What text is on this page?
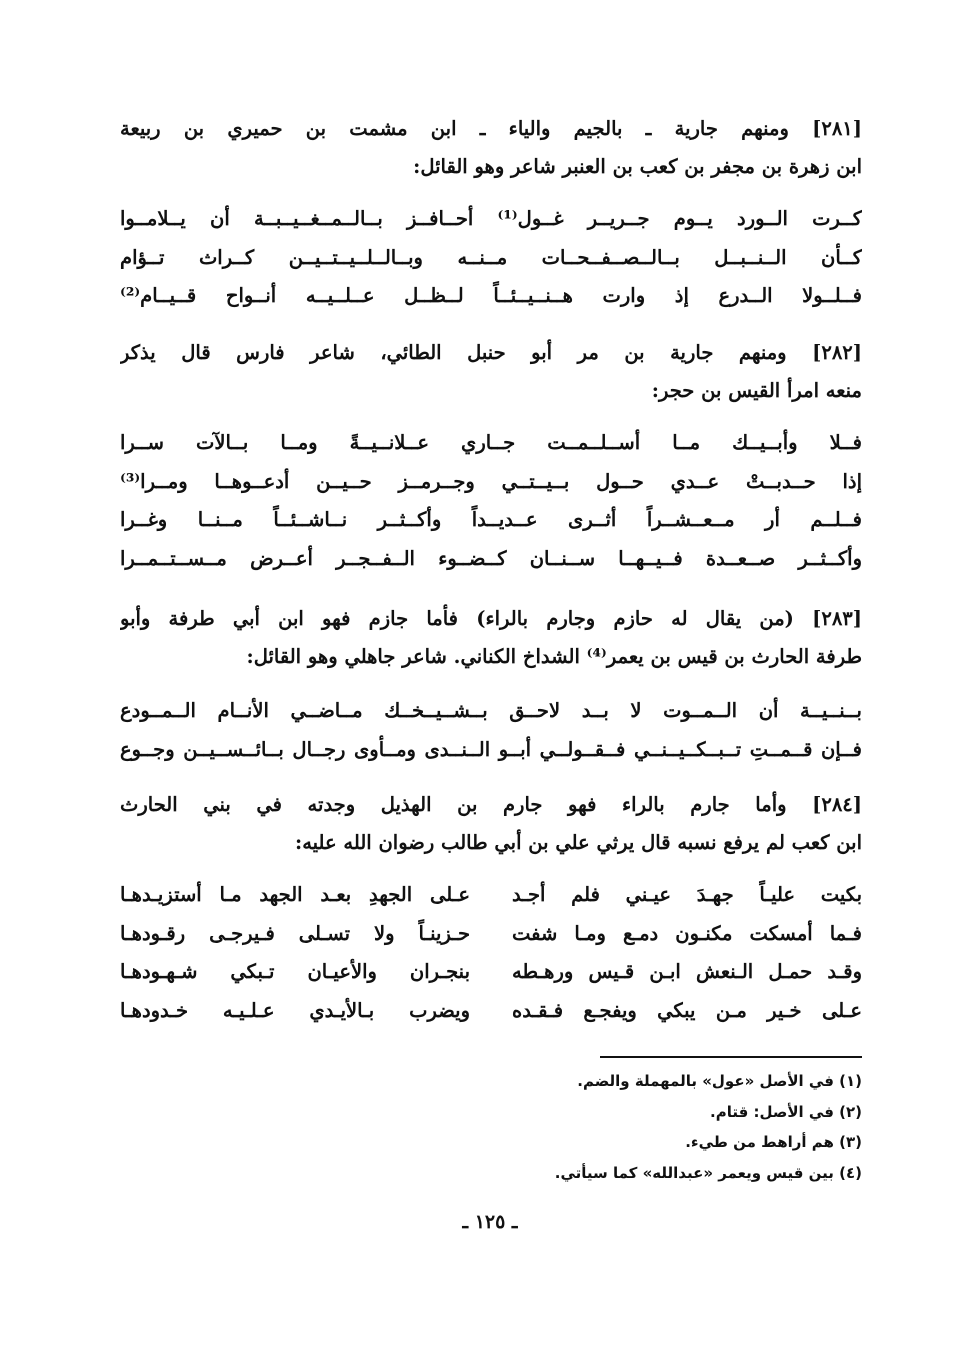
[٢٨١] ومنهم جارية ـ بالجيم والياء ـ ابن مشمت بن حميري بن ربيعة
ابن زهرة بن مجفر بن كعب بن العنبر شاعر وهو القائل:
كــرت الــورد يــوم جــريــر غــول⁽¹⁾ أحــافــز بــالــمــغــيــبــة أن يــلامــوا
كــأن الــنــبــل بــالــصــفــحــات مــنــه وبــالــلــيــتــيــن كــراث تــؤام
فــلــولا الــدرع إذ وارت هــنــيــئــاً لــظــل عــلــيــه أنــواح قــيــام⁽²⁾
[٢٨٢] ومنهم جارية بن مر أبو حنبل الطائي، شاعر فارس قال يذكر
منعه امرأ القيس بن حجر:
فــلا وأبــيــك مــا أســلــمــت جــاري عــلانــيــةً ومــا بــالآت ســرا
إذا حــدبــتْ عــدي حــول بــيــتــي وجــرمــز حــيــن أدعــوهــا ومــرا⁽³⁾
فــلــم أر مــعــشــراً أثــرى عــديــداً وأكــثــر نــاشــئــاً مــنــا وغــرا
وأكــثــر صــعــدة فــيــهــا ســنــان كــضــوء الــفــجــر أعــرض مــســتــمــرا
[٢٨٣] (من يقال له حازم وجارم بالراء) فأما جازم فهو ابن أبي طرفة وأبو
طرفة الحارث بن قيس بن يعمر⁽⁴⁾ الشداخ الكناني. شاعر جاهلي وهو القائل:
بــنــيــة أن الــمــوت لا بــد لاحــق بــشــيــخــك مــاضــي الأنــام الــمــودع
فــإن قــمــتِ تــبــكــيــنــي فــقــولــي أبــو الــنــدى ومــأوى رجــال بــائــســيــن وجــوع
[٢٨٤] وأما جارم بالراء فهو جارم بن الهذيل وجدته في بني الحارث
ابن كعب لم يرفع نسبه قال يرثي علي بن أبي طالب رضوان الله عليه:
بكيت عليـاً جهـدَ عيـني فلم أجـد
عـلى الجهدِ بعـد الجهد مـا أستزيـدهـا
فـما أمسكت مكنـون دمـع ومـا شفت
حـزينـاً ولا تسـلى فـيرجـى رقـودهـا
وقـد حمـل الـنعش ابـن قـيس ورهـطه
بنجـران والأعيـان تـبكي شـهـودهـا
عـلى خـير مـن يبكي ويفجـع فـقـده
ويضرب بـالأيـدي عـلـيـه خـدودهـا
(١) في الأصل «عول» بالمهملة والضم.
(٢) في الأصل: قتام.
(٣) هم أراهط من طيء.
(٤) بين قيس ويعمر «عبدالله» كما سيأتي.
ـ ١٢٥ ـ
